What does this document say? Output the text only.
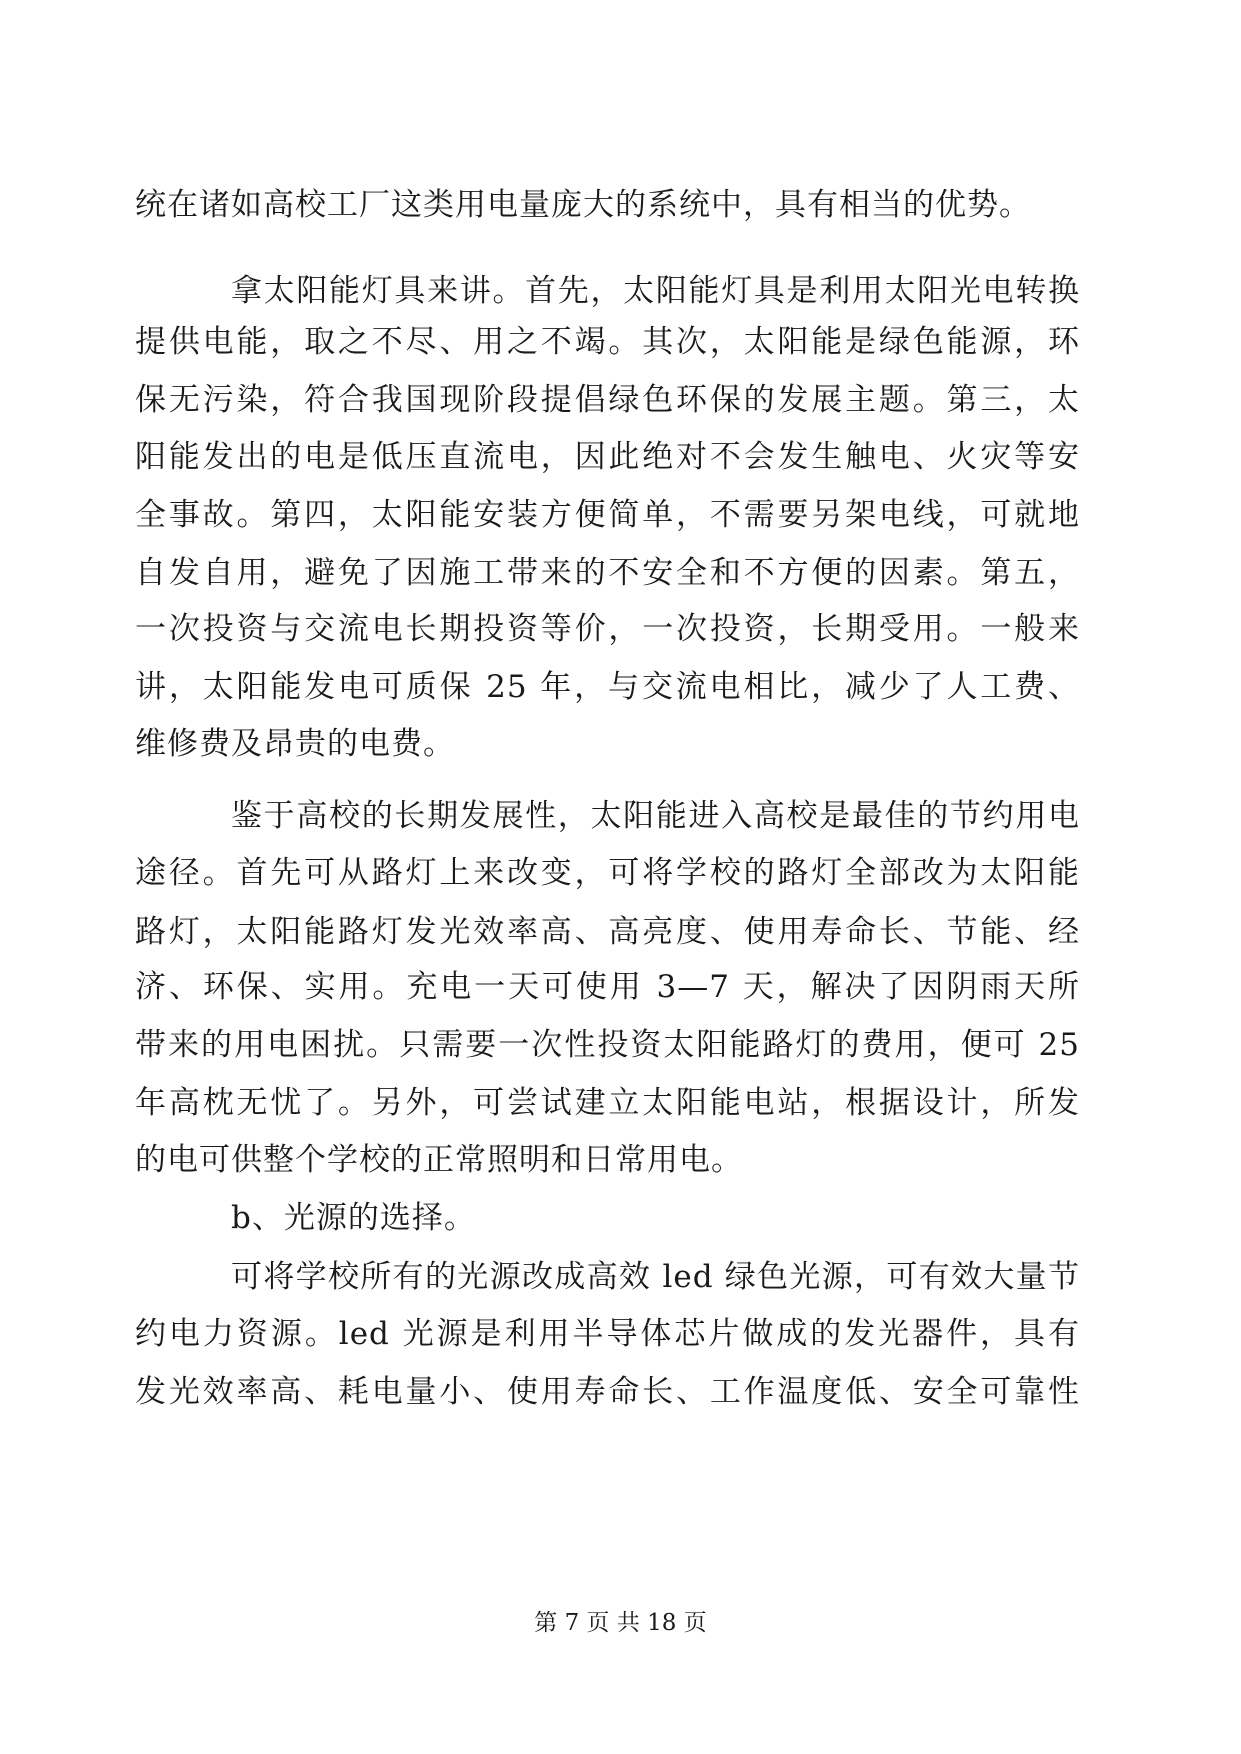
统在诸如高校工厂这类用电量庞大的系统中，具有相当的优势。
拿太阳能灯具来讲。首先，太阳能灯具是利用太阳光电转换
提供电能，取之不尽、用之不竭。其次，太阳能是绿色能源，环
保无污染，符合我国现阶段提倡绿色环保的发展主题。第三，太
阳能发出的电是低压直流电，因此绝对不会发生触电、火灾等安
全事故。第四，太阳能安装方便简单，不需要另架电线，可就地
自发自用，避免了因施工带来的不安全和不方便的因素。第五，
一次投资与交流电长期投资等价，一次投资，长期受用。一般来
讲，太阳能发电可质保 25 年，与交流电相比，减少了人工费、
维修费及昂贵的电费。
鉴于高校的长期发展性，太阳能进入高校是最佳的节约用电
途径。首先可从路灯上来改变，可将学校的路灯全部改为太阳能
路灯，太阳能路灯发光效率高、高亮度、使用寿命长、节能、经
济、环保、实用。充电一天可使用 3—7 天，解决了因阴雨天所
带来的用电困扰。只需要一次性投资太阳能路灯的费用，便可 25
年高枕无忧了。另外，可尝试建立太阳能电站，根据设计，所发
的电可供整个学校的正常照明和日常用电。
b、光源的选择。
可将学校所有的光源改成高效 led 绿色光源，可有效大量节
约电力资源。led 光源是利用半导体芯片做成的发光器件，具有
发光效率高、耗电量小、使用寿命长、工作温度低、安全可靠性
第 7 页 共 18 页
